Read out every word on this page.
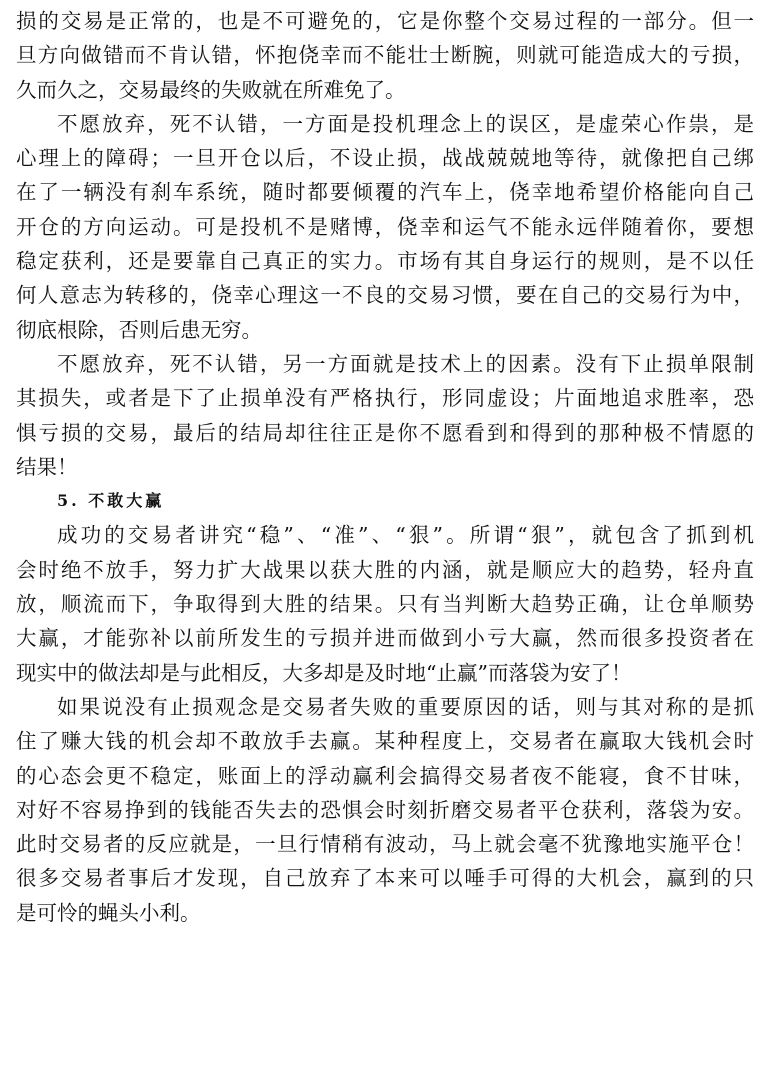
损的交易是正常的，也是不可避免的，它是你整个交易过程的一部分。但一
旦方向做错而不肯认错，怀抱侥幸而不能壮士断腕，则就可能造成大的亏损，
久而久之，交易最终的失败就在所难免了。
不愿放弃，死不认错，一方面是投机理念上的误区，是虚荣心作祟，是
心理上的障碍；一旦开仓以后，不设止损，战战兢兢地等待，就像把自己绑
在了一辆没有刹车系统，随时都要倾覆的汽车上，侥幸地希望价格能向自己
开仓的方向运动。可是投机不是赌博，侥幸和运气不能永远伴随着你，要想
稳定获利，还是要靠自己真正的实力。市场有其自身运行的规则，是不以任
何人意志为转移的，侥幸心理这一不良的交易习惯，要在自己的交易行为中，
彻底根除，否则后患无穷。
不愿放弃，死不认错，另一方面就是技术上的因素。没有下止损单限制
其损失，或者是下了止损单没有严格执行，形同虚设；片面地追求胜率，恐
惧亏损的交易，最后的结局却往往正是你不愿看到和得到的那种极不情愿的
结果！
5. 不敢大赢
成功的交易者讲究“稳”、“准”、“狠”。所谓“狠”，就包含了抓到机
会时绝不放手，努力扩大战果以获大胜的内涵，就是顺应大的趋势，轻舟直
放，顺流而下，争取得到大胜的结果。只有当判断大趋势正确，让仓单顺势
大赢，才能弥补以前所发生的亏损并进而做到小亏大赢，然而很多投资者在
现实中的做法却是与此相反，大多却是及时地“止赢”而落袋为安了！
如果说没有止损观念是交易者失败的重要原因的话，则与其对称的是抓
住了赚大钱的机会却不敢放手去赢。某种程度上，交易者在赢取大钱机会时
的心态会更不稳定，账面上的浮动赢利会搞得交易者夜不能寝，食不甘味，
对好不容易挣到的钱能否失去的恐惧会时刻折磨交易者平仓获利，落袋为安。
此时交易者的反应就是，一旦行情稍有波动，马上就会毫不犹豫地实施平仓！
很多交易者事后才发现，自己放弃了本来可以唾手可得的大机会，赢到的只
是可怜的蝇头小利。
